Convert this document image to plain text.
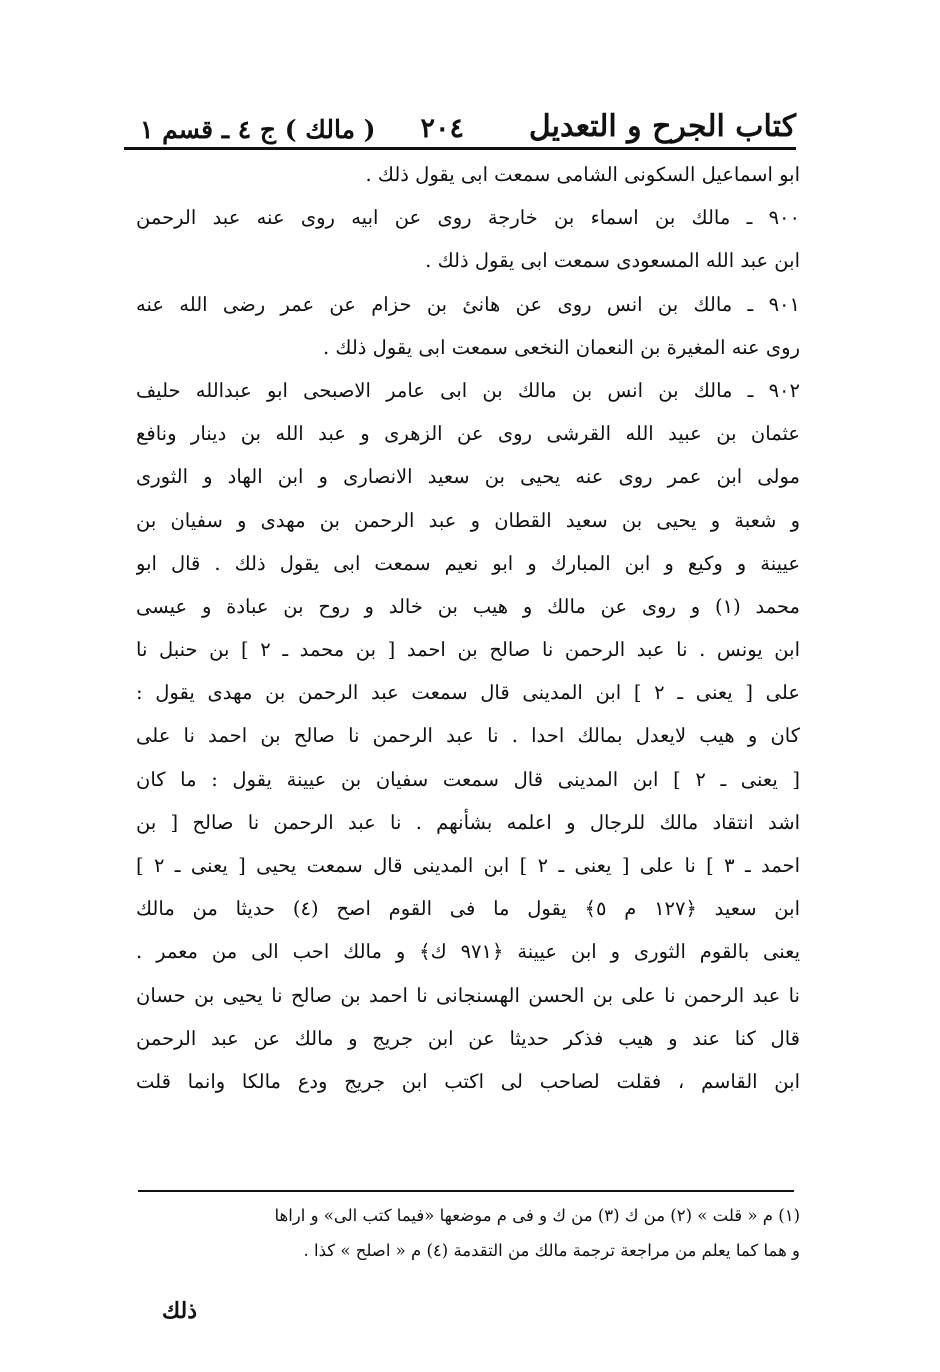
كتاب الجرح و التعديل
٢٠٤
( مالك ) ج ٤ ـ قسم ١
ابو اسماعيل السكونى الشامى سمعت ابى يقول ذلك .
٩٠٠ ـ مالك بن اسماء بن خارجة روى عن ابيه روى عنه عبد الرحمن
ابن عبد الله المسعودى سمعت ابى يقول ذلك .
٩٠١ ـ مالك بن انس روى عن هانئ بن حزام عن عمر رضى الله عنه
روى عنه المغيرة بن النعمان النخعى سمعت ابى يقول ذلك .
٩٠٢ ـ مالك بن انس بن مالك بن ابى عامر الاصبحى ابو عبدالله حليف
عثمان بن عبيد الله القرشى روى عن الزهرى و عبد الله بن دينار ونافع
مولى ابن عمر روى عنه يحيى بن سعيد الانصارى و ابن الهاد و الثورى
و شعبة و يحيى بن سعيد القطان و عبد الرحمن بن مهدى و سفيان بن
عيينة و وكيع و ابن المبارك و ابو نعيم سمعت ابى يقول ذلك . قال ابو
محمد (١) و روى عن مالك و هيب بن خالد و روح بن عبادة و عيسى
ابن يونس . نا عبد الرحمن نا صالح بن احمد [ بن محمد ـ ٢ ] بن حنبل نا
على [ يعنى ـ ٢ ] ابن المدينى قال سمعت عبد الرحمن بن مهدى يقول :
كان و هيب لايعدل بمالك احدا . نا عبد الرحمن نا صالح بن احمد نا على
[ يعنى ـ ٢ ] ابن المدينى قال سمعت سفيان بن عيينة يقول : ما كان
اشد انتقاد مالك للرجال و اعلمه بشأنهم . نا عبد الرحمن نا صالح [ بن
احمد ـ ٣ ] نا على [ يعنى ـ ٢ ] ابن المدينى قال سمعت يحيى [ يعنى ـ ٢ ]
ابن سعيد ﴿١٢٧ م ٥﴾ يقول ما فى القوم اصح (٤) حديثا من مالك
يعنى بالقوم الثورى و ابن عيينة ﴿٩٧١ ك﴾ و مالك احب الى من معمر .
نا عبد الرحمن نا على بن الحسن الهسنجانى نا احمد بن صالح نا يحيى بن حسان
قال كنا عند و هيب فذكر حديثا عن ابن جريج و مالك عن عبد الرحمن
ابن القاسم ، فقلت لصاحب لى اكتب ابن جريج ودع مالكا وانما قلت
(١) م « قلت » (٢) من ك (٣) من ك و فى م موضعها «فيما كتب الى» و اراها
و هما كما يعلم من مراجعة ترجمة مالك من التقدمة (٤) م « اصلح » كذا .
ذلك
